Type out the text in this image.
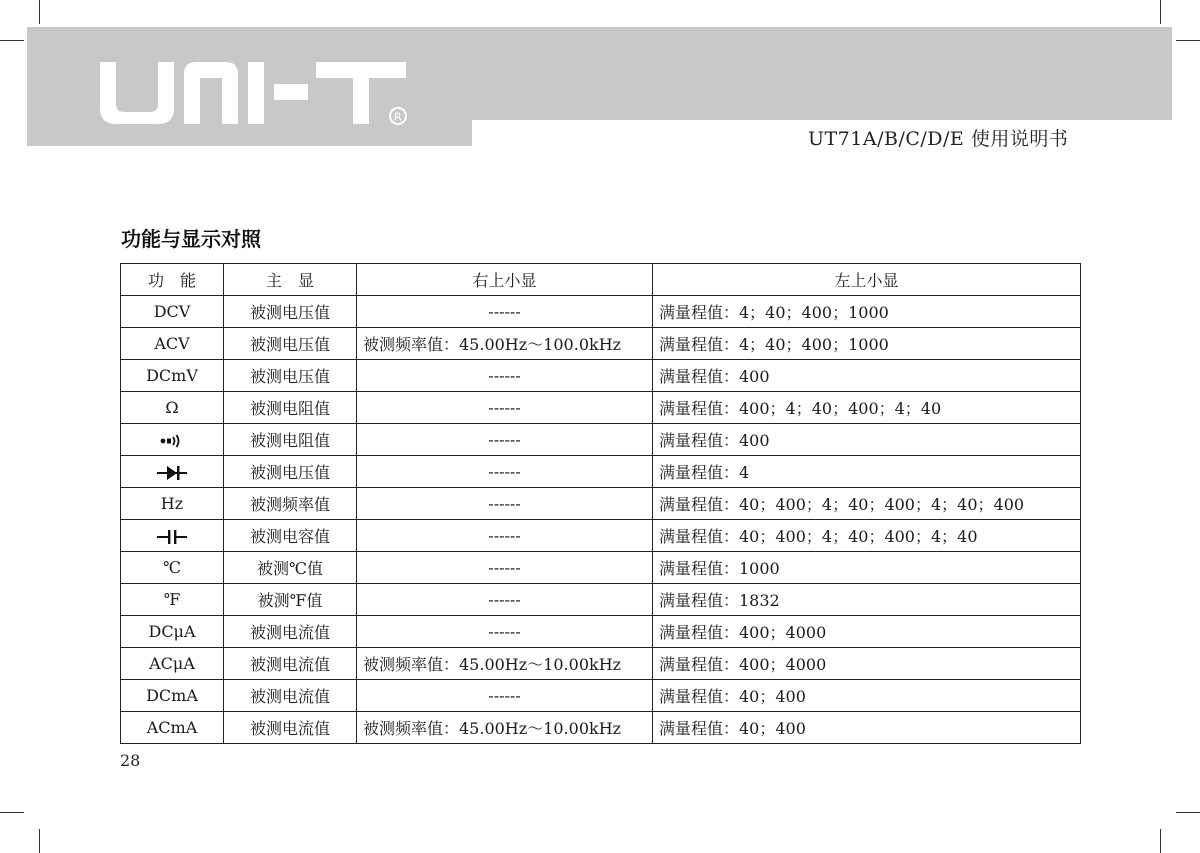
R
UT71A/B/C/D/E 使用说明书
功能与显示对照
功　能	主　显	右上小显	左上小显
DCV	被测电压值	------	满量程值：4；40；400；1000
ACV	被测电压值	被测频率值：45.00Hz～100.0kHz	满量程值：4；40；400；1000
DCmV	被测电压值	------	满量程值：400
Ω	被测电阻值	------	满量程值：400；4；40；400；4；40
	被测电阻值	------	满量程值：400
	被测电压值	------	满量程值：4
Hz	被测频率值	------	满量程值：40；400；4；40；400；4；40；400
	被测电容值	------	满量程值：40；400；4；40；400；4；40
℃	被测℃值	------	满量程值：1000
℉	被测℉值	------	满量程值：1832
DCμA	被测电流值	------	满量程值：400；4000
ACμA	被测电流值	被测频率值：45.00Hz～10.00kHz	满量程值：400；4000
DCmA	被测电流值	------	满量程值：40；400
ACmA	被测电流值	被测频率值：45.00Hz～10.00kHz	满量程值：40；400
28
